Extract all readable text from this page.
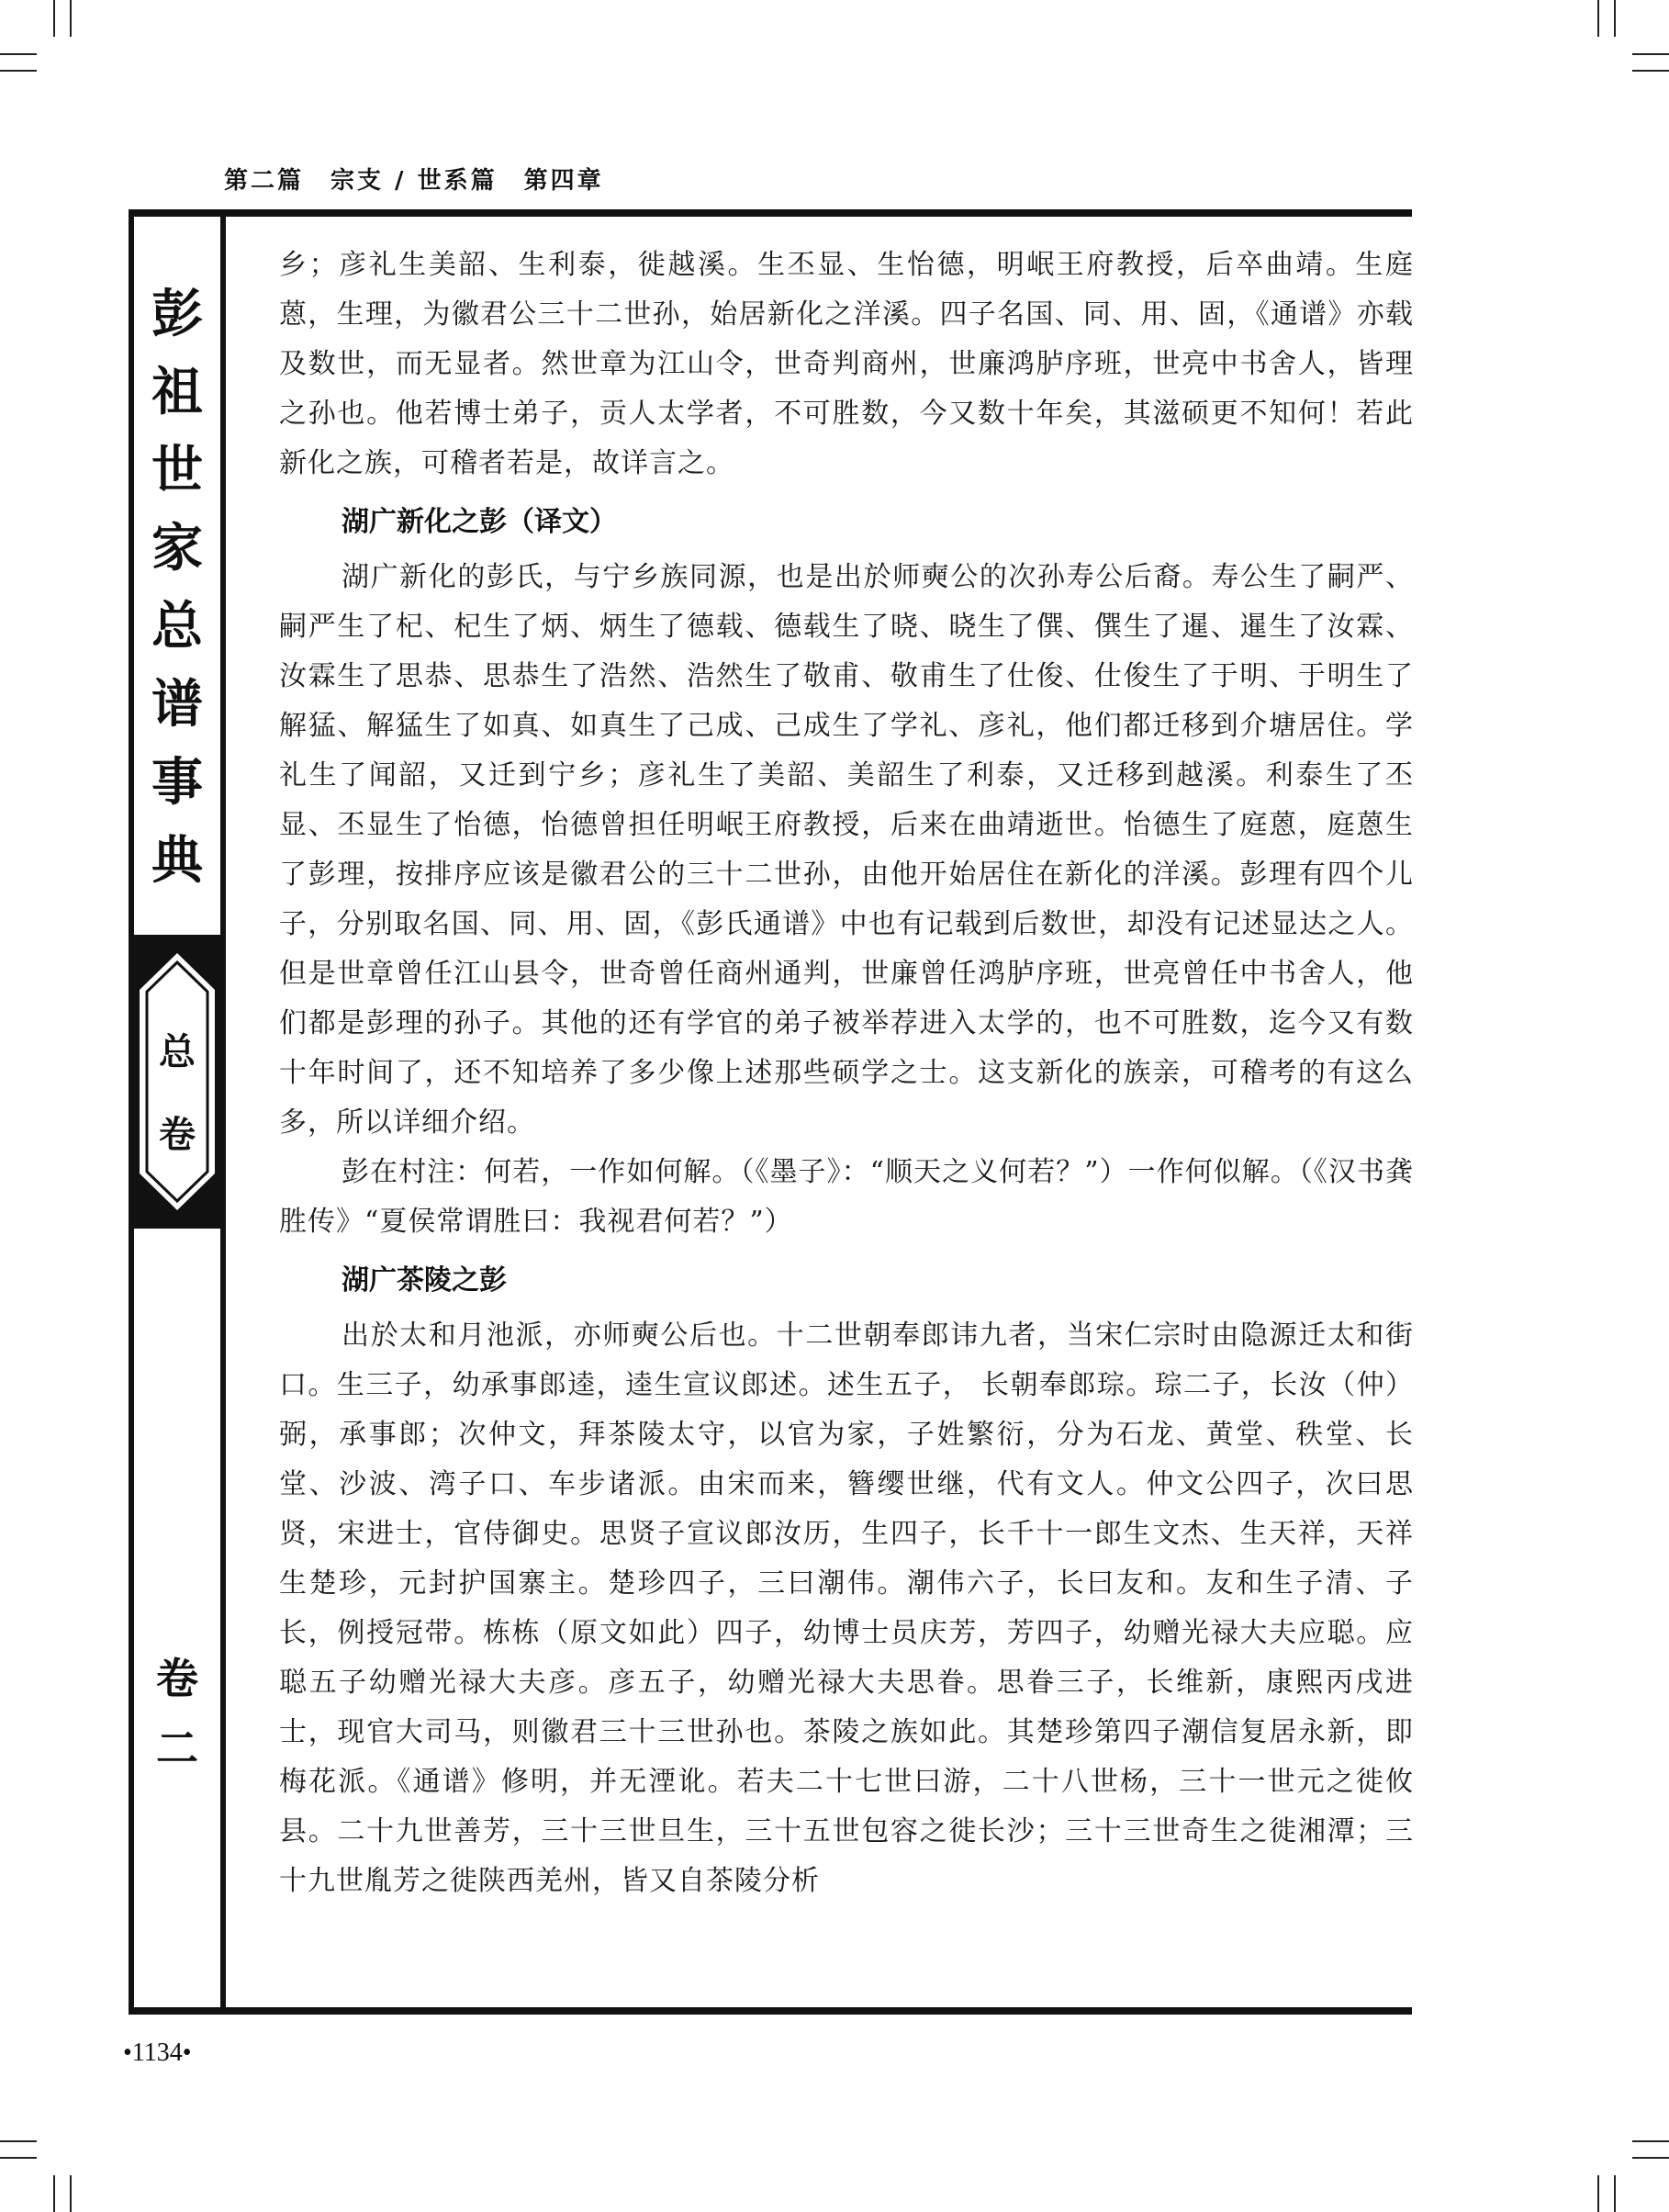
第二篇　宗支 / 世系篇　第四章
彭
祖
世
家
总
谱
事
典
总
卷
卷
二

乡；彦礼生美韶、生利泰，徙越溪。生丕显、生怡德，明岷王府教授，后卒曲靖。生庭蒽，生理，为徽君公三十二世孙，始居新化之洋溪。四子名国、同、用、固，《通谱》亦载及数世，而无显者。然世章为江山令，世奇判商州，世廉鸿胪序班，世亮中书舍人，皆理之孙也。他若博士弟子，贡人太学者，不可胜数，今又数十年矣，其滋硕更不知何！若此新化之族，可稽者若是，故详言之。

湖广新化之彭（译文）

湖广新化的彭氏，与宁乡族同源，也是出於师奭公的次孙寿公后裔。寿公生了嗣严、嗣严生了杞、杞生了炳、炳生了德载、德载生了晓、晓生了僎、僎生了暹、暹生了汝霖、汝霖生了思恭、思恭生了浩然、浩然生了敬甫、敬甫生了仕俊、仕俊生了于明、于明生了解猛、解猛生了如真、如真生了己成、己成生了学礼、彦礼，他们都迁移到介塘居住。学礼生了闻韶，又迁到宁乡；彦礼生了美韶、美韶生了利泰，又迁移到越溪。利泰生了丕显、丕显生了怡德，怡德曾担任明岷王府教授，后来在曲靖逝世。怡德生了庭蒽，庭蒽生了彭理，按排序应该是徽君公的三十二世孙，由他开始居住在新化的洋溪。彭理有四个儿子，分别取名国、同、用、固，《彭氏通谱》中也有记载到后数世，却没有记述显达之人。但是世章曾任江山县令，世奇曾任商州通判，世廉曾任鸿胪序班，世亮曾任中书舍人，他们都是彭理的孙子。其他的还有学官的弟子被举荐进入太学的，也不可胜数，迄今又有数十年时间了，还不知培养了多少像上述那些硕学之士。这支新化的族亲，可稽考的有这么多，所以详细介绍。

彭在村注：何若，一作如何解。（《墨子》：“顺天之义何若？”）一作何似解。（《汉书龚胜传》“夏侯常谓胜曰：我视君何若？”）

湖广茶陵之彭

出於太和月池派，亦师奭公后也。十二世朝奉郎讳九者，当宋仁宗时由隐源迁太和街口。生三子，幼承事郎逵，逵生宣议郎述。述生五子， 长朝奉郎琮。琮二子，长汝（仲）弼，承事郎；次仲文，拜茶陵太守，以官为家，子姓繁衍，分为石龙、黄堂、秩堂、长堂、沙波、湾子口、车步诸派。由宋而来，簪缨世继，代有文人。仲文公四子，次曰思贤，宋进士，官侍御史。思贤子宣议郎汝历，生四子，长千十一郎生文杰、生天祥，天祥生楚珍，元封护国寨主。楚珍四子，三曰潮伟。潮伟六子，长曰友和。友和生子清、子长，例授冠带。栋栋（原文如此）四子，幼博士员庆芳，芳四子，幼赠光禄大夫应聪。应聪五子幼赠光禄大夫彦。彦五子，幼赠光禄大夫思眷。思眷三子，长维新，康熙丙戌进士，现官大司马，则徽君三十三世孙也。茶陵之族如此。其楚珍第四子潮信复居永新，即梅花派。《通谱》修明，并无湮讹。若夫二十七世曰游，二十八世杨，三十一世元之徙攸县。二十九世善芳，三十三世旦生，三十五世包容之徙长沙；三十三世奇生之徙湘潭；三十九世胤芳之徙陕西羌州，皆又自茶陵分析

•1134•
